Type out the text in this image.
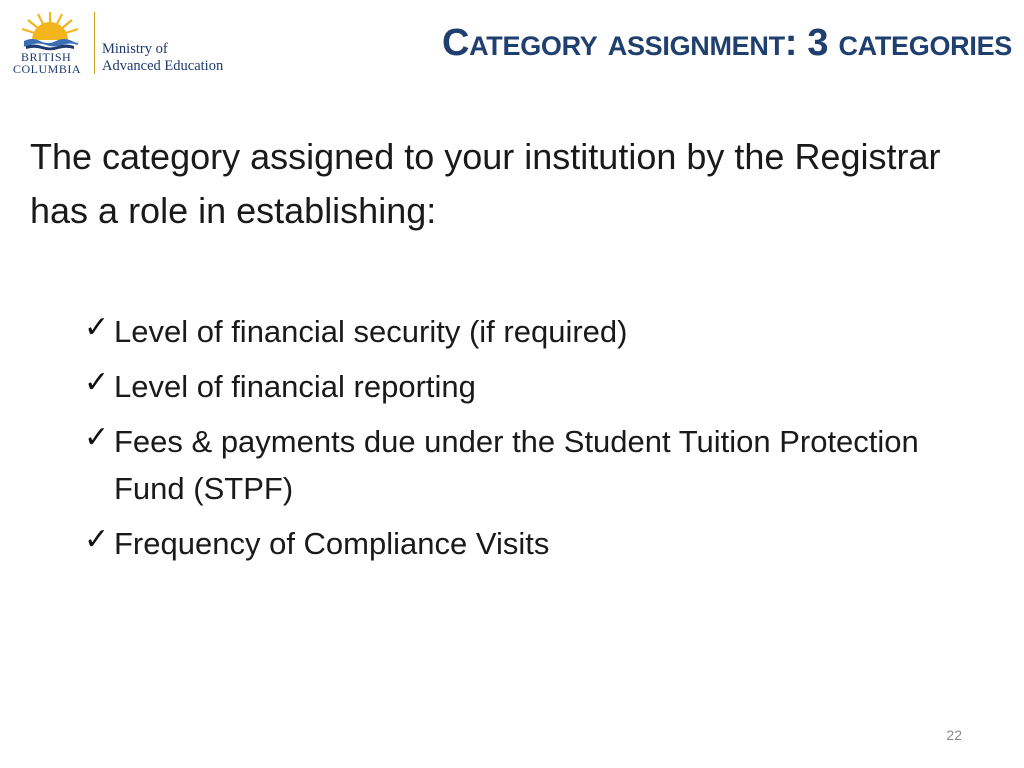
BRITISH
COLUMBIA
Ministry of
Advanced Education
Category assignment: 3 categories
The category assigned to your institution by the Registrar has a role in establishing:
✓ Level of financial security (if required)
✓ Level of financial reporting
✓ Fees & payments due under the Student Tuition Protection Fund (STPF)
✓ Frequency of Compliance Visits
22
